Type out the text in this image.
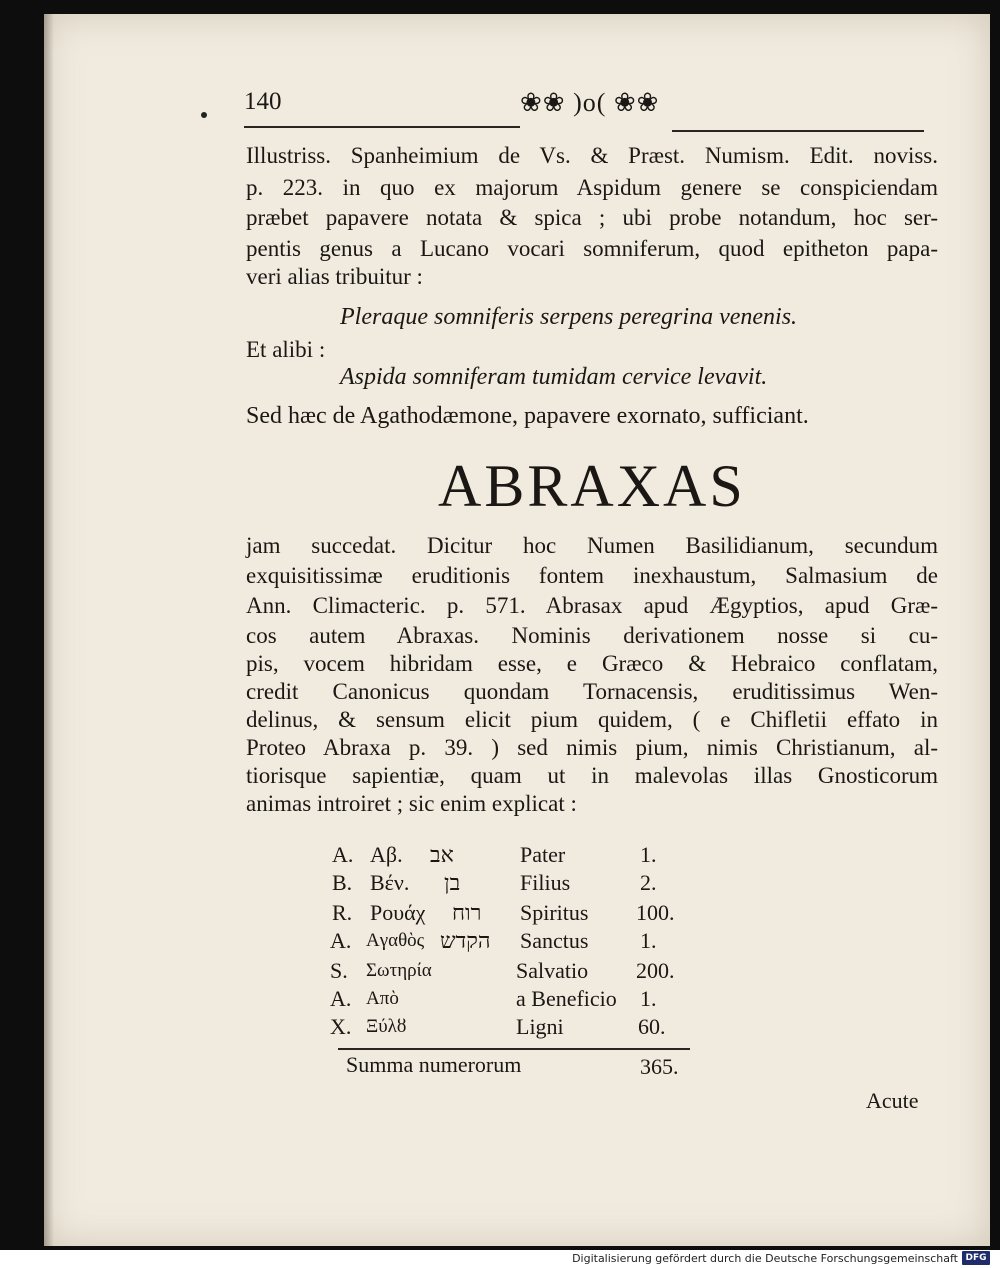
140	❀❀ )o( ❀❀
Illustriss. Spanheimium de Vs. & Præst. Numism. Edit. noviss.
p. 223. in quo ex majorum Aspidum genere se conspiciendam
præbet papavere notata & spica ; ubi probe notandum, hoc ser-
pentis genus a Lucano vocari somniferum, quod epitheton papa-
veri alias tribuitur :
Pleraque somniferis serpens peregrina venenis.
Et alibi :
Aspida somniferam tumidam cervice levavit.
Sed hæc de Agathodæmone, papavere exornato, sufficiant.
ABRAXAS
jam succedat. Dicitur hoc Numen Basilidianum, secundum
exquisitissimæ eruditionis fontem inexhaustum, Salmasium de
Ann. Climacteric. p. 571. Abrasax apud Ægyptios, apud Græ-
cos autem Abraxas. Nominis derivationem nosse si cu-
pis, vocem hibridam esse, e Græco & Hebraico conflatam,
credit Canonicus quondam Tornacensis, eruditissimus Wen-
delinus, & sensum elicit pium quidem, ( e Chifletii effato in
Proteo Abraxa p. 39. ) sed nimis pium, nimis Christianum, al-
tiorisque sapientiæ, quam ut in malevolas illas Gnosticorum
animas introiret ; sic enim explicat :
A. Aβ. אב	Pater	1.
B. Bέν. בן	Filius	2.
R. Pουάχ רוח Spiritus 100.
A. Aγαθὸς הקדש Sanctus 1.
S. Σωτηρία	Salvatio 200.
A. Aπὸ	a Beneficio 1.
X. Ξύλȣ	Ligni	60.
Summa numerorum	365.
Acute
Digitalisierung gefördert durch die Deutsche Forschungsgemeinschaft DFG
